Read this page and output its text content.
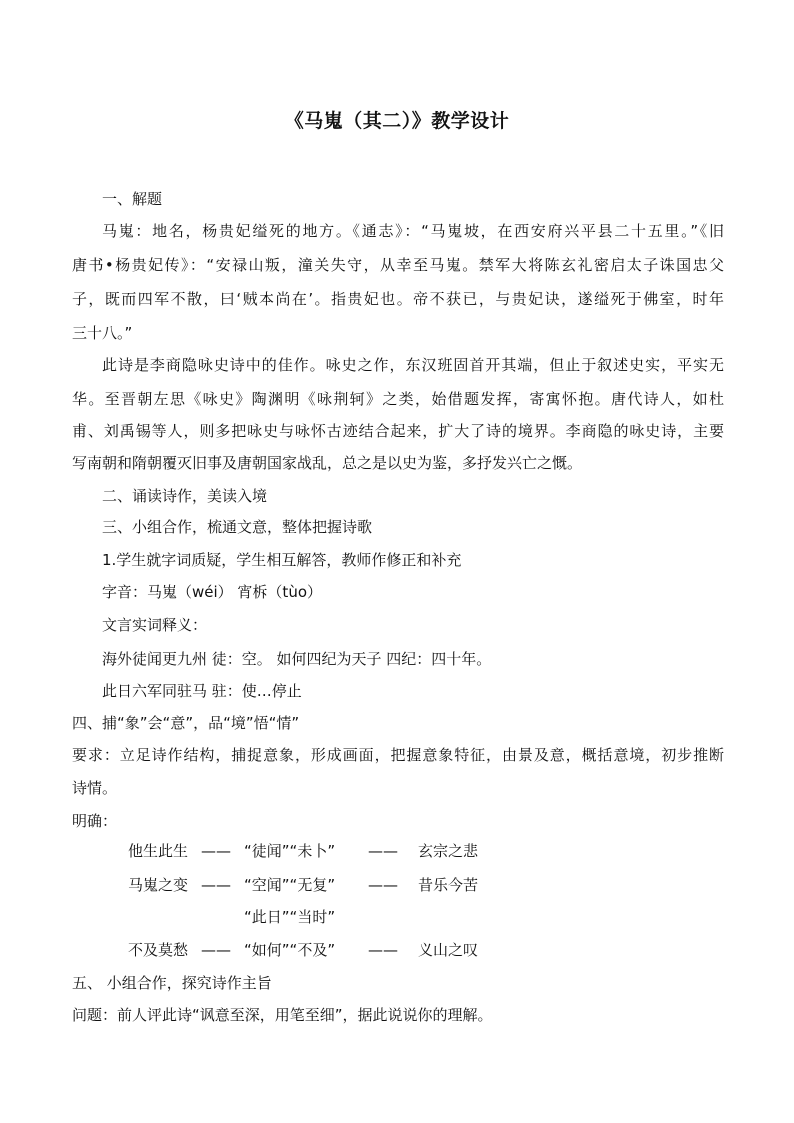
《马嵬（其二）》教学设计
一、解题
马嵬：地名，杨贵妃缢死的地方。《通志》：“马嵬坡，在西安府兴平县二十五里。”《旧
唐书•杨贵妃传》：“安禄山叛，潼关失守，从幸至马嵬。禁军大将陈玄礼密启太子诛国忠父
子，既而四军不散，曰‘贼本尚在’。指贵妃也。帝不获已，与贵妃诀，遂缢死于佛室，时年
三十八。”
此诗是李商隐咏史诗中的佳作。咏史之作，东汉班固首开其端，但止于叙述史实，平实无
华。至晋朝左思《咏史》陶渊明《咏荆轲》之类，始借题发挥，寄寓怀抱。唐代诗人，如杜
甫、刘禹锡等人，则多把咏史与咏怀古迹结合起来，扩大了诗的境界。李商隐的咏史诗，主要
写南朝和隋朝覆灭旧事及唐朝国家战乱，总之是以史为鉴，多抒发兴亡之慨。
二、诵读诗作，美读入境
三、小组合作，梳通文意，整体把握诗歌
1.学生就字词质疑，学生相互解答，教师作修正和补充
字音：马嵬（wéi） 宵柝（tùo）
文言实词释义：
海外徒闻更九州 徒：空。 如何四纪为天子 四纪：四十年。
此日六军同驻马 驻：使…停止
四、捕“象”会“意”，品“境”悟“情”
要求：立足诗作结构，捕捉意象，形成画面，把握意象特征，由景及意，概括意境，初步推断
诗情。
明确：
他生此生 —— “徒闻”“未卜” —— 玄宗之悲
马嵬之变 —— “空闻”“无复” —— 昔乐今苦
“此日”“当时”
不及莫愁 —— “如何”“不及” —— 义山之叹
五、 小组合作，探究诗作主旨
问题：前人评此诗“讽意至深，用笔至细”，据此说说你的理解。
